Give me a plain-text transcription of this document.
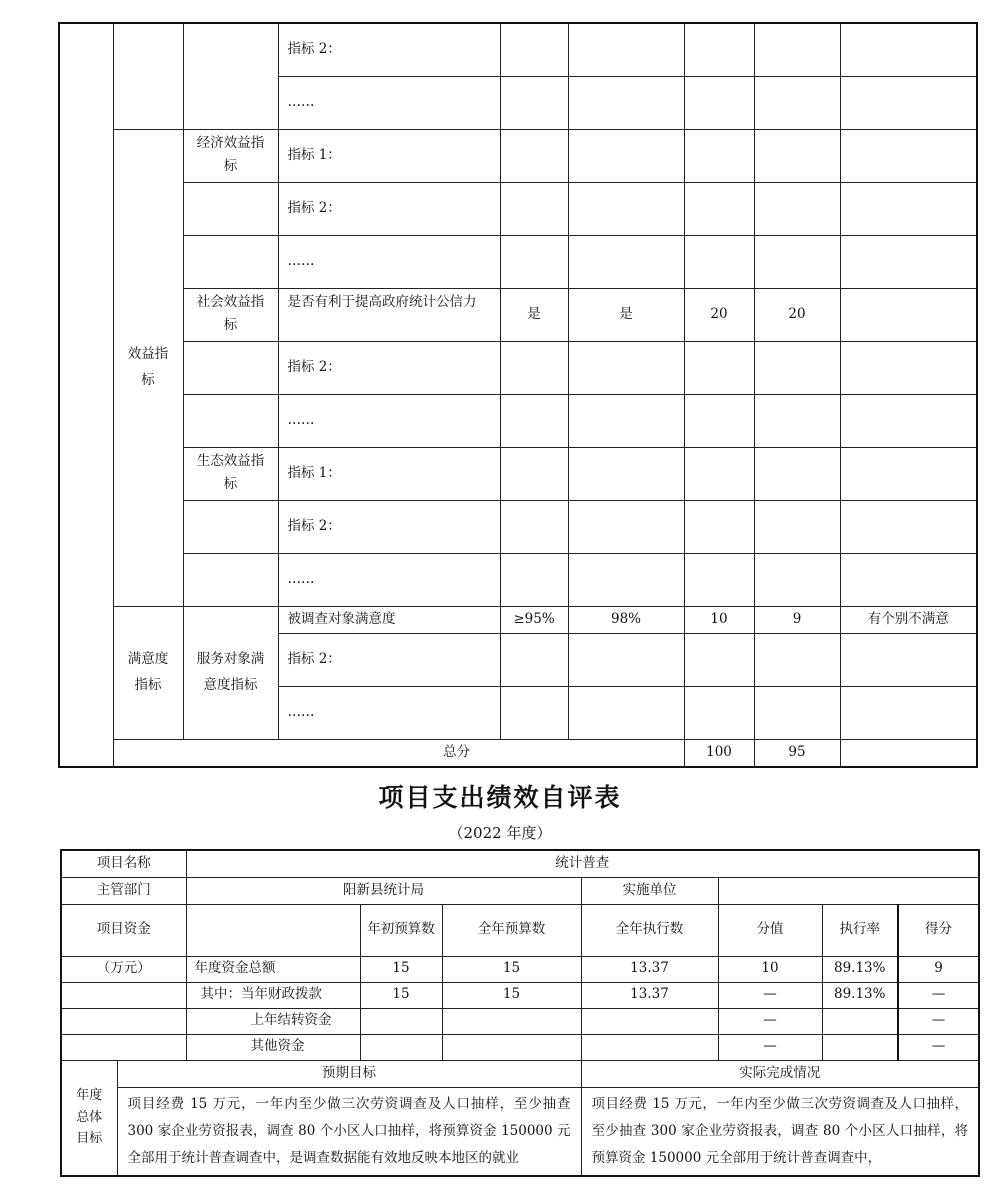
			指标 2：					
			……					
	效益指标	经济效益指标	指标 1：					
			指标 2：					
			……					
		社会效益指标	是否有利于提高政府统计公信力	是	是	20	20	
			指标 2：					
			……					
		生态效益指标	指标 1：					
			指标 2：					
			……					
	满意度指标	服务对象满意度指标	被调查对象满意度	≥95%	98%	10	9	有个别不满意
			指标 2：					
			……					
	总分					100	95	
项目支出绩效自评表
（2022 年度）
项目名称		统计普查						
主管部门		阳新县统计局			实施单位			
项目资金			年初预算数	全年预算数	全年执行数	分值	执行率	得分
（万元）		年度资金总额	15	15	13.37	10	89.13%	9
		其中：当年财政拨款	15	15	13.37	—	89.13%	—
		上年结转资金				—		—
		其他资金				—		—
年度总体目标	预期目标				实际完成情况			
	项目经费 15 万元，一年内至少做三次劳资调查及人口抽样，至少抽查 300 家企业劳资报表，调查 80 个小区人口抽样，将预算资金 150000 元全部用于统计普查调查中，是调查数据能有效地反映本地区的就业				项目经费 15 万元，一年内至少做三次劳资调查及人口抽样，至少抽查 300 家企业劳资报表，调查 80 个小区人口抽样，将预算资金 150000 元全部用于统计普查调查中，			
